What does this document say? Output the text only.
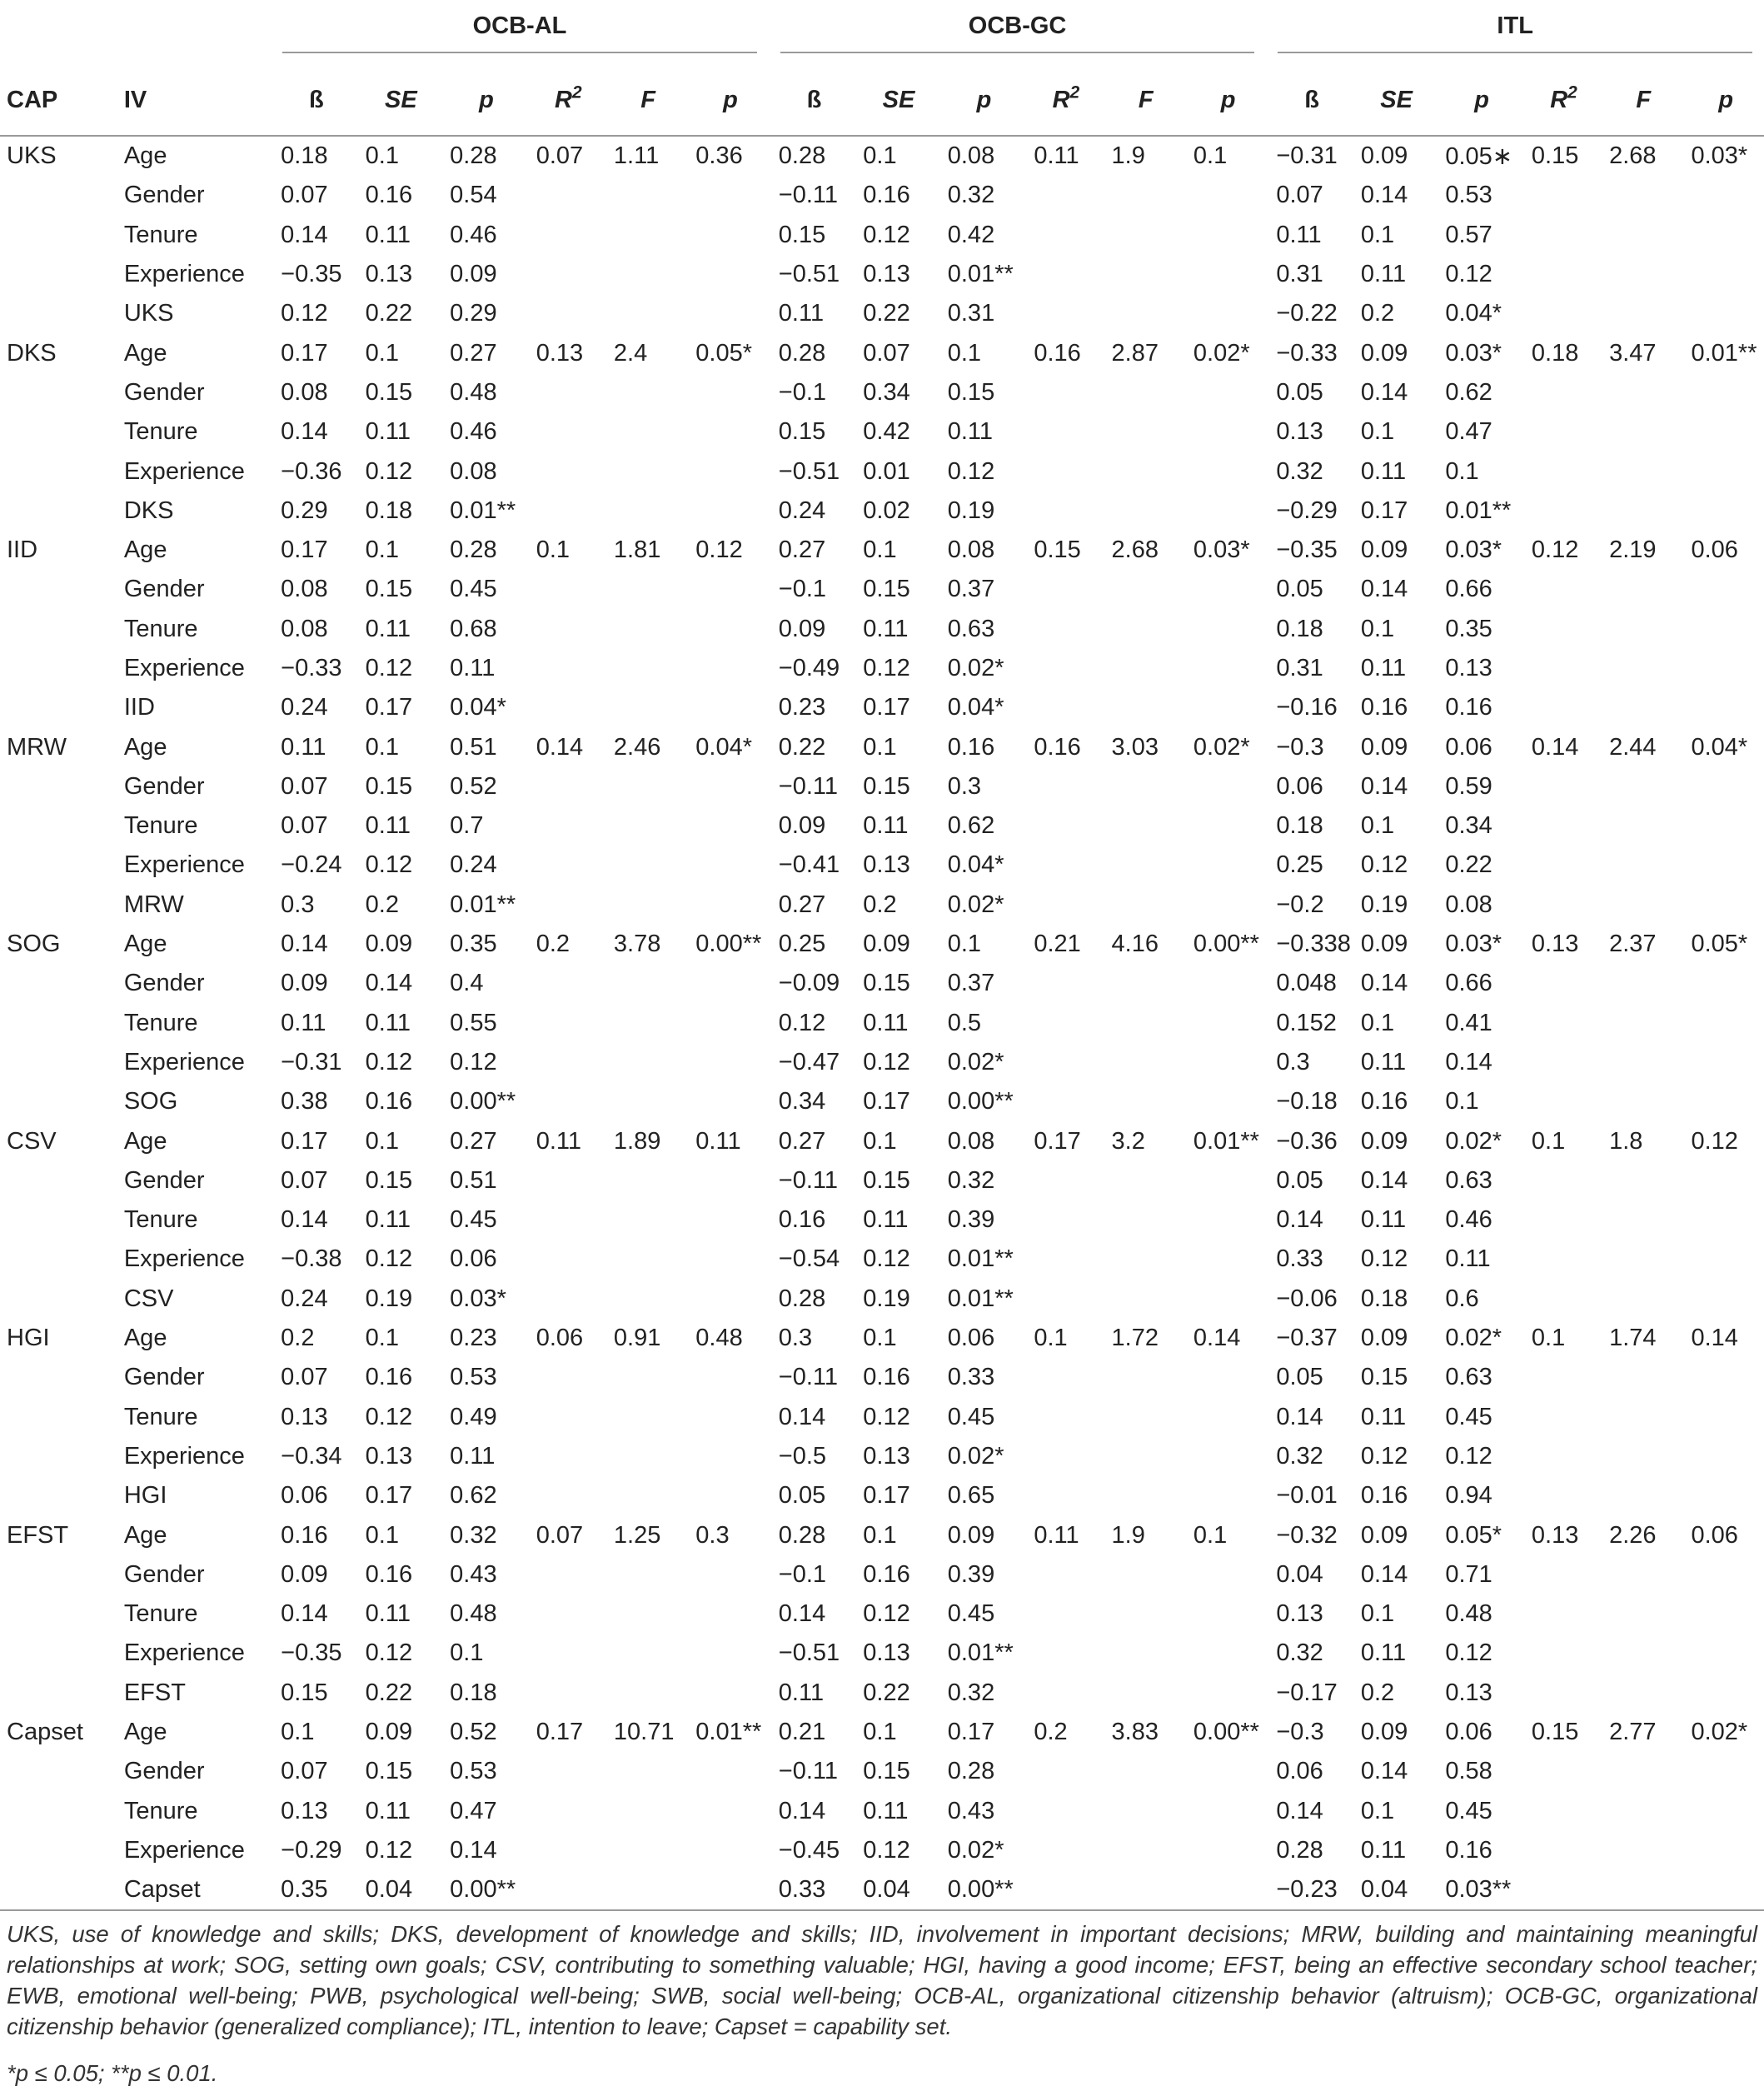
		OCB-AL						OCB-GC						ITL					

CAP	IV	ß	SE	p	$R^2$	F	p	ß	SE	p	$R^2$	F	p	ß	SE	p	$R^2$	F	p
UKS	Age	0.18	0.1	0.28	0.07	1.11	0.36	0.28	0.1	0.08	0.11	1.9	0.1	−0.31	0.09	0.05∗	0.15	2.68	0.03*
	Gender	0.07	0.16	0.54				−0.11	0.16	0.32				0.07	0.14	0.53			
	Tenure	0.14	0.11	0.46				0.15	0.12	0.42				0.11	0.1	0.57			
	Experience	−0.35	0.13	0.09				−0.51	0.13	0.01**				0.31	0.11	0.12			
	UKS	0.12	0.22	0.29				0.11	0.22	0.31				−0.22	0.2	0.04*			
DKS	Age	0.17	0.1	0.27	0.13	2.4	0.05*	0.28	0.07	0.1	0.16	2.87	0.02*	−0.33	0.09	0.03*	0.18	3.47	0.01**
	Gender	0.08	0.15	0.48				−0.1	0.34	0.15				0.05	0.14	0.62			
	Tenure	0.14	0.11	0.46				0.15	0.42	0.11				0.13	0.1	0.47			
	Experience	−0.36	0.12	0.08				−0.51	0.01	0.12				0.32	0.11	0.1			
	DKS	0.29	0.18	0.01**				0.24	0.02	0.19				−0.29	0.17	0.01**			
IID	Age	0.17	0.1	0.28	0.1	1.81	0.12	0.27	0.1	0.08	0.15	2.68	0.03*	−0.35	0.09	0.03*	0.12	2.19	0.06
	Gender	0.08	0.15	0.45				−0.1	0.15	0.37				0.05	0.14	0.66			
	Tenure	0.08	0.11	0.68				0.09	0.11	0.63				0.18	0.1	0.35			
	Experience	−0.33	0.12	0.11				−0.49	0.12	0.02*				0.31	0.11	0.13			
	IID	0.24	0.17	0.04*				0.23	0.17	0.04*				−0.16	0.16	0.16			
MRW	Age	0.11	0.1	0.51	0.14	2.46	0.04*	0.22	0.1	0.16	0.16	3.03	0.02*	−0.3	0.09	0.06	0.14	2.44	0.04*
	Gender	0.07	0.15	0.52				−0.11	0.15	0.3				0.06	0.14	0.59			
	Tenure	0.07	0.11	0.7				0.09	0.11	0.62				0.18	0.1	0.34			
	Experience	−0.24	0.12	0.24				−0.41	0.13	0.04*				0.25	0.12	0.22			
	MRW	0.3	0.2	0.01**				0.27	0.2	0.02*				−0.2	0.19	0.08			
SOG	Age	0.14	0.09	0.35	0.2	3.78	0.00**	0.25	0.09	0.1	0.21	4.16	0.00**	−0.338	0.09	0.03*	0.13	2.37	0.05*
	Gender	0.09	0.14	0.4				−0.09	0.15	0.37				0.048	0.14	0.66			
	Tenure	0.11	0.11	0.55				0.12	0.11	0.5				0.152	0.1	0.41			
	Experience	−0.31	0.12	0.12				−0.47	0.12	0.02*				0.3	0.11	0.14			
	SOG	0.38	0.16	0.00**				0.34	0.17	0.00**				−0.18	0.16	0.1			
CSV	Age	0.17	0.1	0.27	0.11	1.89	0.11	0.27	0.1	0.08	0.17	3.2	0.01**	−0.36	0.09	0.02*	0.1	1.8	0.12
	Gender	0.07	0.15	0.51				−0.11	0.15	0.32				0.05	0.14	0.63			
	Tenure	0.14	0.11	0.45				0.16	0.11	0.39				0.14	0.11	0.46			
	Experience	−0.38	0.12	0.06				−0.54	0.12	0.01**				0.33	0.12	0.11			
	CSV	0.24	0.19	0.03*				0.28	0.19	0.01**				−0.06	0.18	0.6			
HGI	Age	0.2	0.1	0.23	0.06	0.91	0.48	0.3	0.1	0.06	0.1	1.72	0.14	−0.37	0.09	0.02*	0.1	1.74	0.14
	Gender	0.07	0.16	0.53				−0.11	0.16	0.33				0.05	0.15	0.63			
	Tenure	0.13	0.12	0.49				0.14	0.12	0.45				0.14	0.11	0.45			
	Experience	−0.34	0.13	0.11				−0.5	0.13	0.02*				0.32	0.12	0.12			
	HGI	0.06	0.17	0.62				0.05	0.17	0.65				−0.01	0.16	0.94			
EFST	Age	0.16	0.1	0.32	0.07	1.25	0.3	0.28	0.1	0.09	0.11	1.9	0.1	−0.32	0.09	0.05*	0.13	2.26	0.06
	Gender	0.09	0.16	0.43				−0.1	0.16	0.39				0.04	0.14	0.71			
	Tenure	0.14	0.11	0.48				0.14	0.12	0.45				0.13	0.1	0.48			
	Experience	−0.35	0.12	0.1				−0.51	0.13	0.01**				0.32	0.11	0.12			
	EFST	0.15	0.22	0.18				0.11	0.22	0.32				−0.17	0.2	0.13			
Capset	Age	0.1	0.09	0.52	0.17	10.71	0.01**	0.21	0.1	0.17	0.2	3.83	0.00**	−0.3	0.09	0.06	0.15	2.77	0.02*
	Gender	0.07	0.15	0.53				−0.11	0.15	0.28				0.06	0.14	0.58			
	Tenure	0.13	0.11	0.47				0.14	0.11	0.43				0.14	0.1	0.45			
	Experience	−0.29	0.12	0.14				−0.45	0.12	0.02*				0.28	0.11	0.16			
	Capset	0.35	0.04	0.00**				0.33	0.04	0.00**				−0.23	0.04	0.03**			
UKS, use of knowledge and skills; DKS, development of knowledge and skills; IID, involvement in important decisions; MRW, building and maintaining meaningful relationships at work; SOG, setting own goals; CSV, contributing to something valuable; HGI, having a good income; EFST, being an effective secondary school teacher; EWB, emotional well-being; PWB, psychological well-being; SWB, social well-being; OCB-AL, organizational citizenship behavior (altruism); OCB-GC, organizational citizenship behavior (generalized compliance); ITL, intention to leave; Capset = capability set.
*p ≤ 0.05; **p ≤ 0.01.
